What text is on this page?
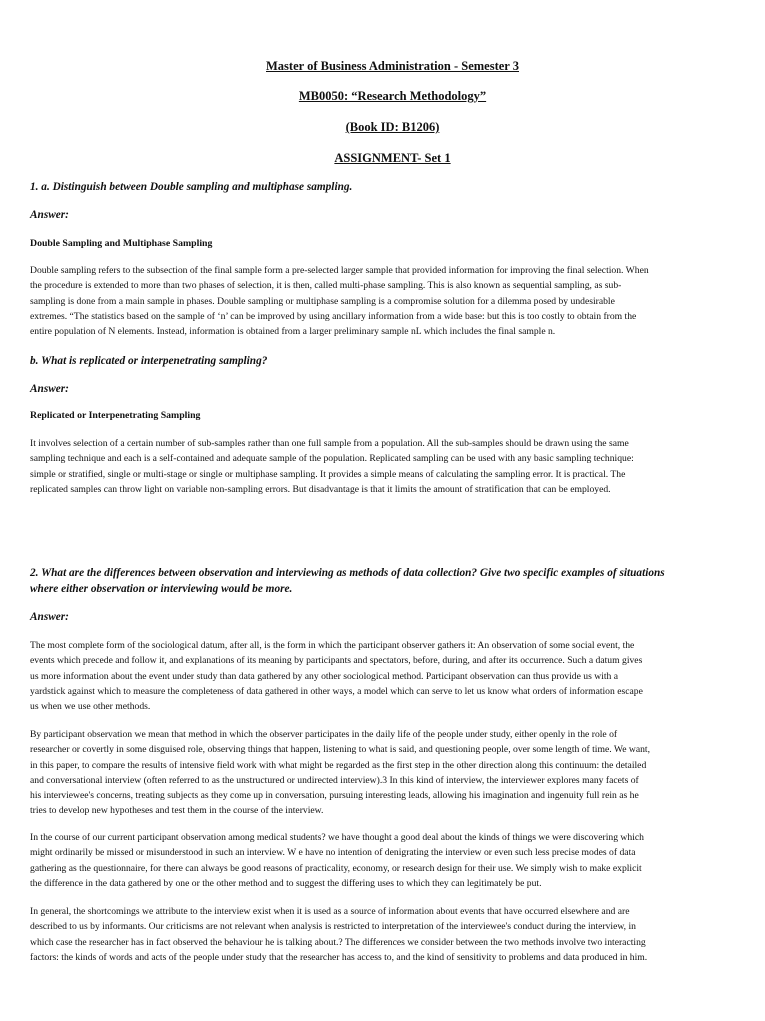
Master of Business Administration - Semester 3
MB0050: “Research Methodology”
(Book ID: B1206)
ASSIGNMENT- Set 1
1. a. Distinguish between Double sampling and multiphase sampling.
Answer:
Double Sampling and Multiphase Sampling
Double sampling refers to the subsection of the final sample form a pre-selected larger sample that provided information for improving the final selection. When
the procedure is extended to more than two phases of selection, it is then, called multi-phase sampling. This is also known as sequential sampling, as sub-
sampling is done from a main sample in phases. Double sampling or multiphase sampling is a compromise solution for a dilemma posed by undesirable
extremes. “The statistics based on the sample of ‘n’ can be improved by using ancillary information from a wide base: but this is too costly to obtain from the
entire population of N elements. Instead, information is obtained from a larger preliminary sample nL which includes the final sample n.
b. What is replicated or interpenetrating sampling?
Answer:
Replicated or Interpenetrating Sampling
It involves selection of a certain number of sub-samples rather than one full sample from a population. All the sub-samples should be drawn using the same
sampling technique and each is a self-contained and adequate sample of the population. Replicated sampling can be used with any basic sampling technique:
simple or stratified, single or multi-stage or single or multiphase sampling. It provides a simple means of calculating the sampling error. It is practical. The
replicated samples can throw light on variable non-sampling errors. But disadvantage is that it limits the amount of stratification that can be employed.
2. What are the differences between observation and interviewing as methods of data collection? Give two specific examples of situations
where either observation or interviewing would be more.
Answer:
The most complete form of the sociological datum, after all, is the form in which the participant observer gathers it: An observation of some social event, the
events which precede and follow it, and explanations of its meaning by participants and spectators, before, during, and after its occurrence. Such a datum gives
us more information about the event under study than data gathered by any other sociological method. Participant observation can thus provide us with a
yardstick against which to measure the completeness of data gathered in other ways, a model which can serve to let us know what orders of information escape
us when we use other methods.
By participant observation we mean that method in which the observer participates in the daily life of the people under study, either openly in the role of
researcher or covertly in some disguised role, observing things that happen, listening to what is said, and questioning people, over some length of time. We want,
in this paper, to compare the results of intensive field work with what might be regarded as the first step in the other direction along this continuum: the detailed
and conversational interview (often referred to as the unstructured or undirected interview).3 In this kind of interview, the interviewer explores many facets of
his interviewee's concerns, treating subjects as they come up in conversation, pursuing interesting leads, allowing his imagination and ingenuity full rein as he
tries to develop new hypotheses and test them in the course of the interview.
In the course of our current participant observation among medical students? we have thought a good deal about the kinds of things we were discovering which
might ordinarily be missed or misunderstood in such an interview. W e have no intention of denigrating the interview or even such less precise modes of data
gathering as the questionnaire, for there can always be good reasons of practicality, economy, or research design for their use. We simply wish to make explicit
the difference in the data gathered by one or the other method and to suggest the differing uses to which they can legitimately be put.
In general, the shortcomings we attribute to the interview exist when it is used as a source of information about events that have occurred elsewhere and are
described to us by informants. Our criticisms are not relevant when analysis is restricted to interpretation of the interviewee's conduct during the interview, in
which case the researcher has in fact observed the behaviour he is talking about.? The differences we consider between the two methods involve two interacting
factors: the kinds of words and acts of the people under study that the researcher has access to, and the kind of sensitivity to problems and data produced in him.
